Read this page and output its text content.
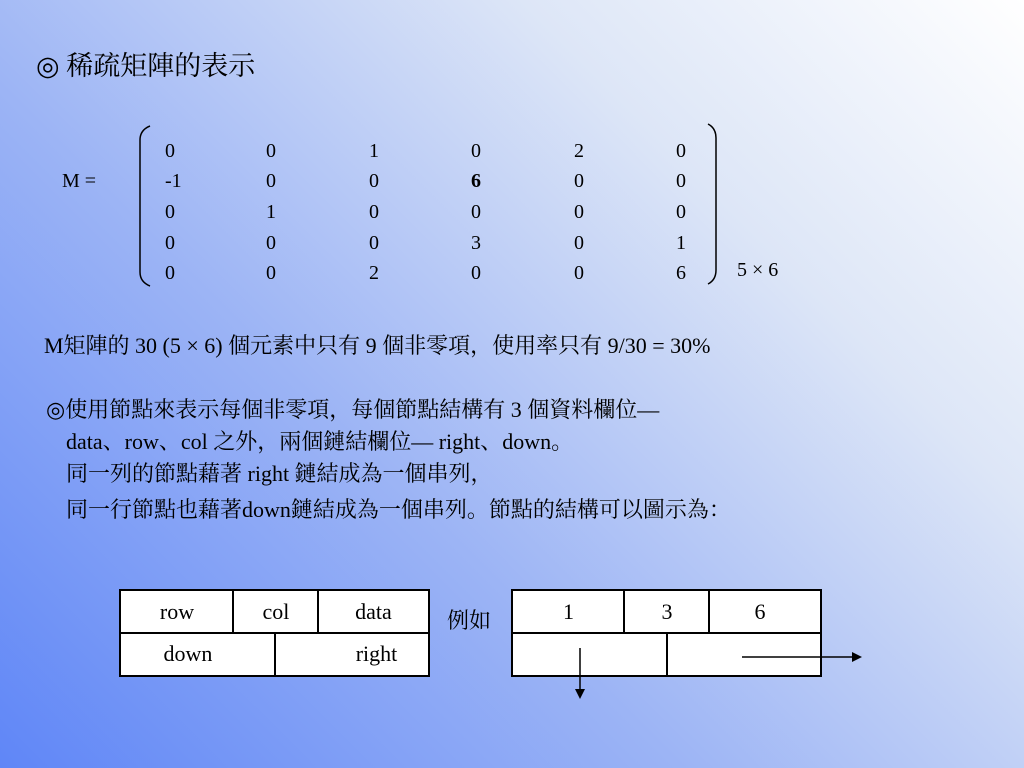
◎ 稀疏矩陣的表示
M =
0	0	1	0	2	0
-1	0	0	6	0	0
0	1	0	0	0	0
0	0	0	3	0	1
0	0	2	0	0	6	5 × 6
M矩陣的 30 (5 × 6) 個元素中只有 9 個非零項，使用率只有 9/30 = 30%
◎使用節點來表示每個非零項，每個節點結構有 3 個資料欄位—
data、row、col 之外，兩個鏈結欄位— right、down。
同一列的節點藉著 right 鏈結成為一個串列，
同一行節點也藉著down鏈結成為一個串列。節點的結構可以圖示為：
row	col	data
down	right
例如	1	3	6
